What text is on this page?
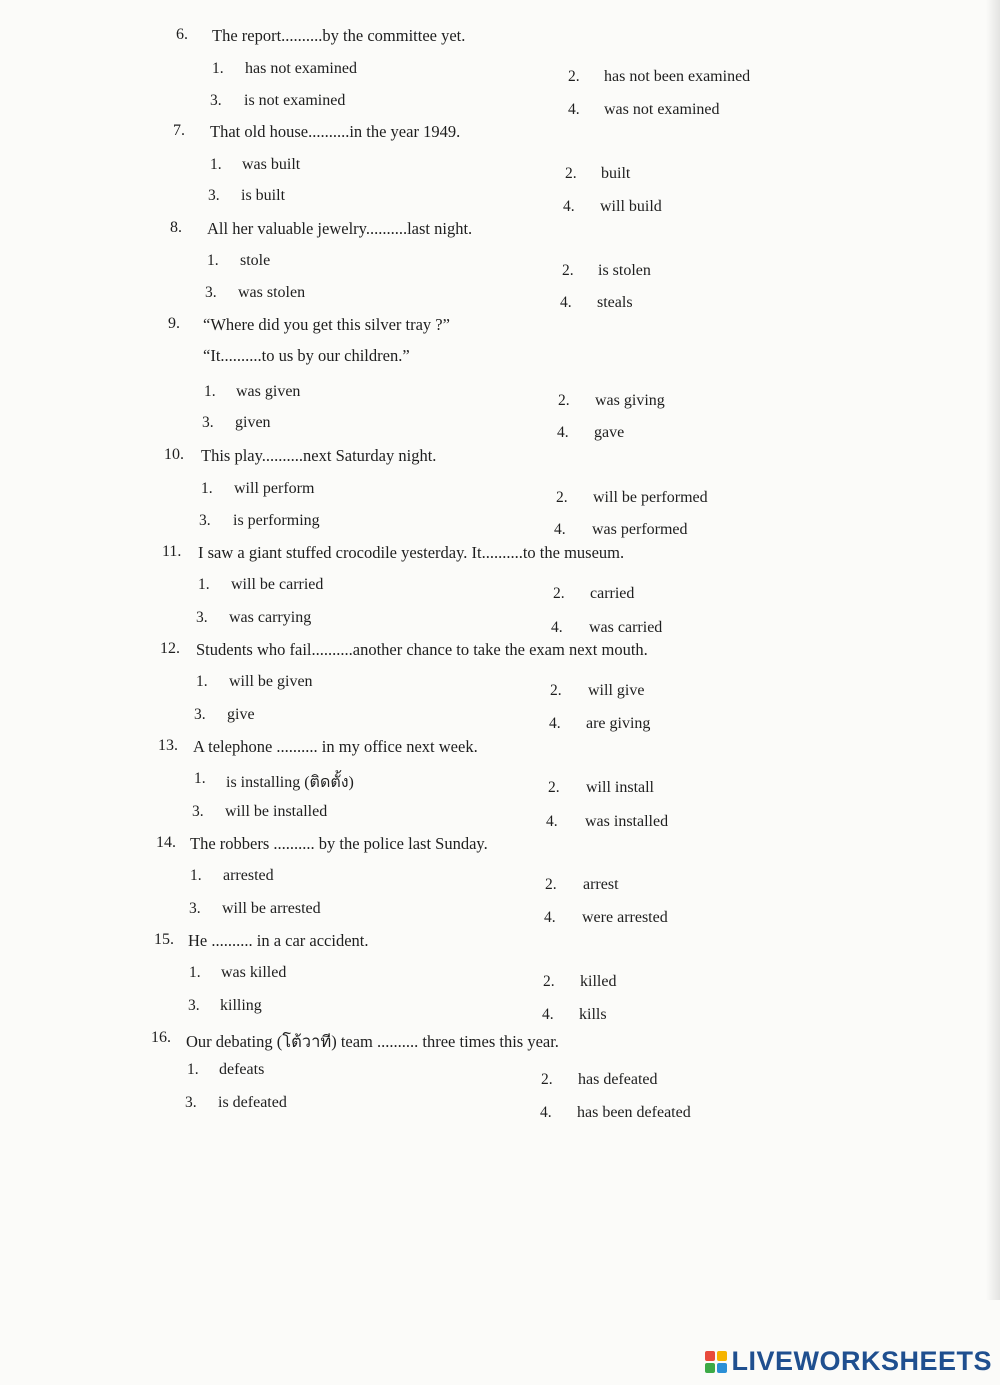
LIVEWORKSHEETS
6. The report..........by the committee yet.
1. has not examined	2. has not been examined
3. is not examined
4. was not examined
7. That old house..........in the year 1949.
1. was built
2. built
3. is built
4. will build
8. All her valuable jewelry..........last night.
1. stole
2. is stolen
3. was stolen
4. steals
9. “Where did you get this silver tray ?”
“It..........to us by our children.”
1. was given
2. was giving
3. given
4. gave
10. This play..........next Saturday night.
1. will perform
2. will be performed
3. is performing
4. was performed
11. I saw a giant stuffed crocodile yesterday. It..........to the museum.
1. will be carried
2. carried
3. was carrying
4. was carried
12. Students who fail..........another chance to take the exam next mouth.
1. will be given
2. will give
3. give
4. are giving
13. A telephone .......... in my office next week.
1. is installing (ติดตั้ง)	2. will install
3. will be installed
4. was installed
14. The robbers .......... by the police last Sunday.
1. arrested
2. arrest
3. will be arrested
4. were arrested
15. He .......... in a car accident.
1. was killed
2. killed
3. killing
4. kills
16. Our debating (โต้วาที) team .......... three times this year.
1. defeats
2. has defeated
3. is defeated
4. has been defeated
